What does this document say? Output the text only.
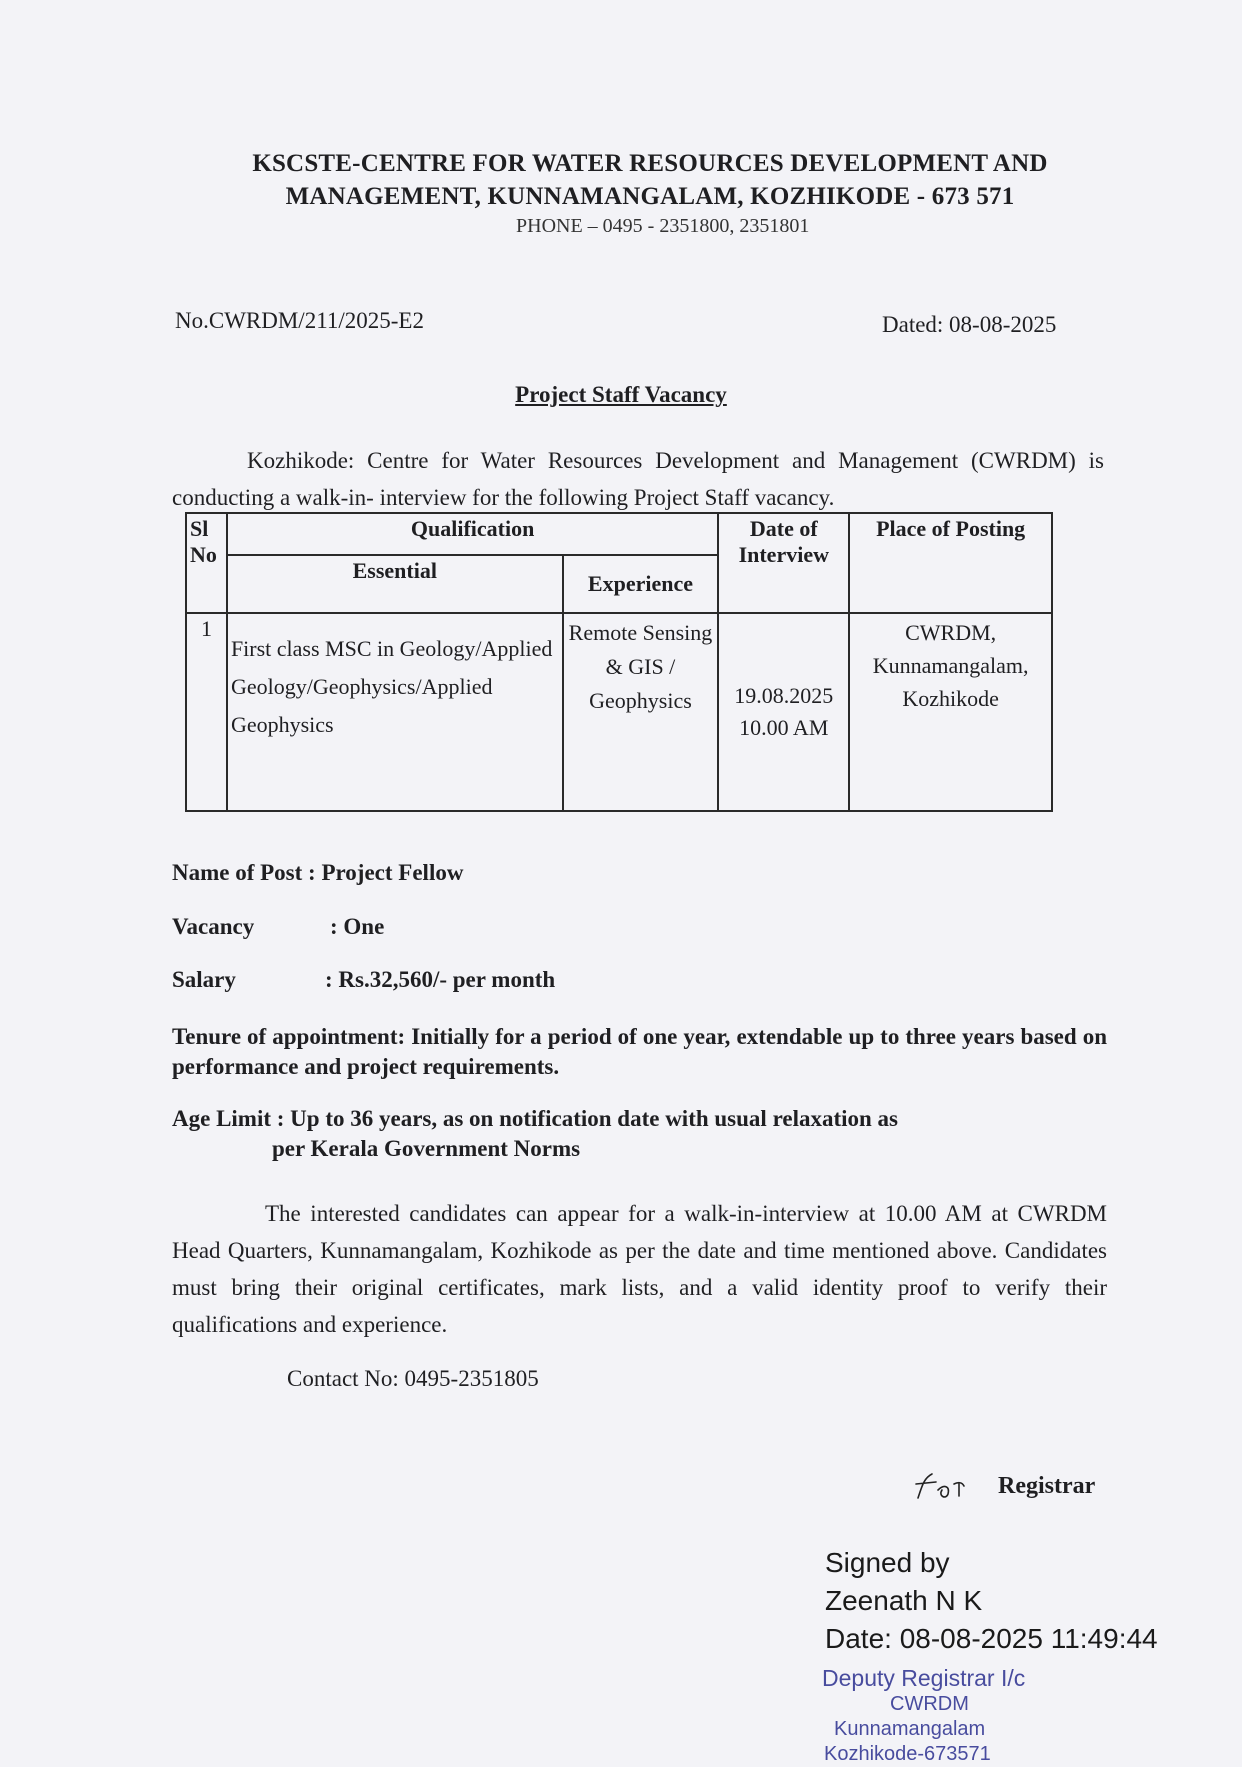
KSCSTE-CENTRE FOR WATER RESOURCES DEVELOPMENT AND
MANAGEMENT, KUNNAMANGALAM, KOZHIKODE - 673 571
PHONE – 0495 - 2351800, 2351801
No.CWRDM/211/2025-E2	Dated: 08-08-2025
Project Staff Vacancy
Kozhikode: Centre for Water Resources Development and Management (CWRDM) is conducting a walk-in- interview for the following Project Staff vacancy.
Sl No	Qualification		Date of Interview	Place of Posting
	Essential	Experience		
1	First class MSC in Geology/Applied Geology/Geophysics/Applied Geophysics	Remote Sensing & GIS / Geophysics	19.08.2025 10.00 AM	CWRDM, Kunnamangalam, Kozhikode
Name of Post : Project Fellow
Vacancy	: One
Salary	: Rs.32,560/- per month
Tenure of appointment: Initially for a period of one year, extendable up to three years based on performance and project requirements.
Age Limit : Up to 36 years, as on notification date with usual relaxation as
per Kerala Government Norms
The interested candidates can appear for a walk-in-interview at 10.00 AM at CWRDM Head Quarters, Kunnamangalam, Kozhikode as per the date and time mentioned above. Candidates must bring their original certificates, mark lists, and a valid identity proof to verify their qualifications and experience.
Contact No: 0495-2351805
Registrar
Signed by
Zeenath N K
Date: 08-08-2025 11:49:44
Deputy Registrar I/c
CWRDM
Kunnamangalam
Kozhikode-673571
